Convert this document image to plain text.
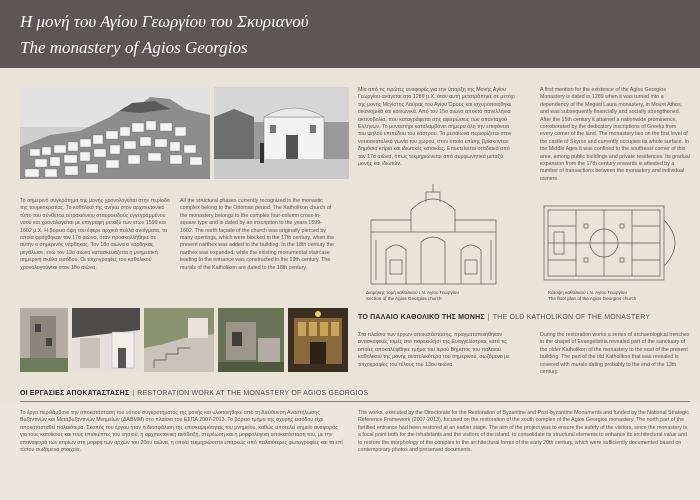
Η μονή του Αγίου Γεωργίου του Σκυριανού
The monastery of Agios Georgios
Το σημερινό συγκρότημα της μονής χρονολογείται στην περίοδο της τουρκοκρατίας. Το καθολικό της ανήκει στον αρχιτεκτονικό τύπο του σύνθετου τετρακιόνιου σταυροειδούς εγγεγραμμένου ναού και χρονολογείται με επιγραφή μεταξύ των ετών 1599 και 1602 μ.Χ. Η βόρεια όψη του έφερε αρχικά πολλά ανοίγματα, τα οποία φράχθηκαν τον 17ο αιώνα, όταν προσκολλήθηκε σε αυτήν ο σημερινός νάρθηκας. Τον 18ο αιώνα ο νάρθηκας μεγάλωσε, ενώ τον 19ο αιώνα κατασκευάζεται η μνημειακή σημερινή σκάλα εισόδου. Οι τοιχογραφίες του καθολικού χρονολογούνται στον 18ο αιώνα.
All the structural phases currently recognized in the monastic complex belong to the Ottoman period. The Katholikon church of the monastery belongs to the complex four-column cross-in-square type and is dated by an inscription to the years 1599-1602. The north façade of the church was originally pierced by many openings, which were blocked in the 17th century, when the present narthex was added to the building. In the 18th century the narthex was expanded, while the existing monumental staircase leading to the entrance was constructed in the 19th century. The murals of the Katholikon are dated to the 18th century.
Μία από τις πρώτες αναφορές για την ύπαρξη της Μονής Αγίου Γεωργίου ανάγεται στο 1289 μ.Χ. όταν αυτή μετατράπηκε σε μετόχι της μονής Μεγίστης Λαύρας του Αγίου Όρους και ισχυροποιήθηκε οικονομικά και κοινωνικά. Από τον 15ο αιώνα αποκτά πανελλήνια ακτινοβολία, που καταγράφεται στις αφιερώσεις των απανταχού Ελλήνων. Το μοναστήρι καταλαμβάνει σήμερα όλη την επιφάνεια του ψηλού επιπέδου του κάστρου. Το μεσαίωνα περιορίζεται στον νοτιοανατολικό γωνία του χώρου, στον οποίο επίσης βρίσκονταν δημόσια κτίρια και ιδιωτικές κατοικίες. Επεκτείνεται σταδιακά από τον 17ο αιώνα, όπως τεκμηριώνεται από συμφωνητικά μεταξύ μονής και ιδιωτών.
A first mention for the existence of the Agios Georgios Monastery is dated in 1289 when it was turned into a dependency of the Megisti Laura monastery, in Mount Athos, and was subsequently financially and socially strengthened. After the 15th century it attained a nationwide prominence, corroborated by the dedicatory inscriptions of Greeks from every corner of the land. The monastery lies on the first level of the castle of Skyros and currently occupies its whole surface. In the Middle Ages it was confined to the southeast corner of this area, among public buildings and private residences. Its gradual expansion from the 17th century onwards is attested by a number of transactions between the monastery and individual owners.
Διαμήκης τομή καθολικού Ι.Ν. Αγίου Γεωργίου
Section of the Agios Georgios church
Κάτοψη καθολικού Ι.Ν. Αγίου Γεωργίου
The floor plan of the Agios Georgios church
ΤΟ ΠΑΛΑΙΟ ΚΑΘΟΛΙΚΟ ΤΗΣ ΜΟΝΗΣ | THE OLD KATHOLIKON OF THE MONASTERY
Στα πλαίσια των έργων αποκατάστασης, πραγματοποιήθηκαν ανασκαφικές τομές στο παρεκκλήσι της Ευαγγελίστριας κατά τις οποίες αποκαλύφθηκε τμήμα του Ιερού Βήματος του παλαιού καθολικού της μονής ανατολικότερα του σημερινού, σωζόμενο με τοιχογραφίες του τέλους του 13ου αιώνα.
During the restoration works a series of archaeological trenches in the chapel of Evangelistria revealed part of the sanctuary of the older Katholikon of the monastery to the east of the present building. The part of the old Katholikon that was revealed is covered with murals dating probably to the end of the 13th century.
ΟΙ ΕΡΓΑΣΙΕΣ ΑΠΟΚΑΤΑΣΤΑΣΗΣ | RESTORATION WORK AT THE MONASTERY OF AGIOS GEORGIOS
Το έργο περιλάμβανε την αποκατάσταση του νότιου συγκροτήματος της μονής και υλοποιήθηκε από τη Διεύθυνση Αναστήλωσης Βυζαντινών και Μεταβυζαντινών Μνημείων (ΔΑΒΜΜ) στο πλαίσιο του ΕΣΠΑ 2007-2013. Το βόρειο τμήμα της οχυρής εισόδου είχε αποκατασταθεί παλαιότερα. Σκοπός του έργου ήταν η διασφάλιση της επισκεψιμότητας του μνημείου, καθώς αποτελεί σημείο αναφοράς για τους κατοίκους και τους επισκέπτες του νησιού, η αρχιτεκτονική ανάδειξη, στερέωση και η μορφολογική αποκατάσταση του, με την επαναφορά των κτιρίων στη μορφή των αρχών του 20ου αιώνα, η οποία τεκμηριώνεται επαρκώς από παλαιότερες φωτογραφίες και τα επί τόπου σωζόμενα στοιχεία.
The works, executed by the Directorate for the Restoration of Byzantine and Post-byzantine Monuments and funded by the National Strategic Reference Framework (2007-2013), focused on the restoration of the south complex of the Agios Georgios monastery. The north part of the fortified entrance had been restored at an earlier stage. The aim of the project was to ensure the safety of the visitors, since the monastery is a focal point both for the inhabitants and the visitors of the island, to consolidate its structural elements to enhance its architectural value and to restore the morphology of the complex to the architectural forms of the early 20th century, which were sufficiently documented based on contemporary photos and preserved documents.
